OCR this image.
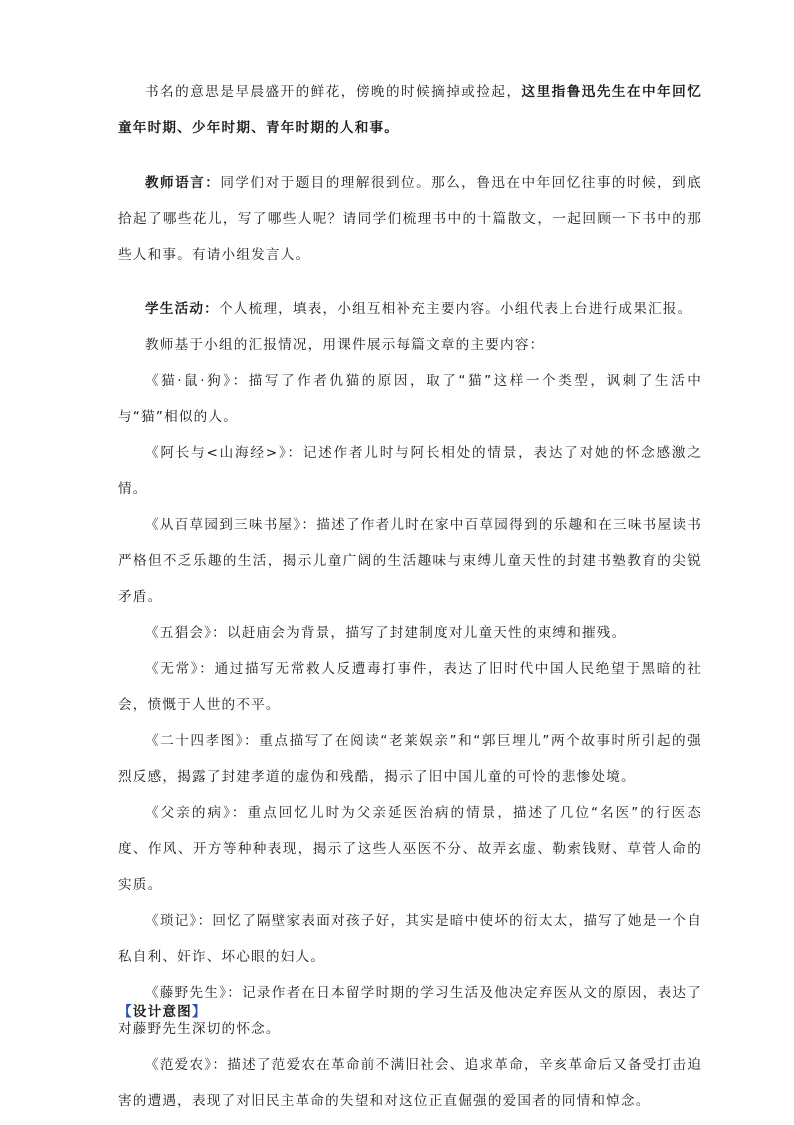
书名的意思是早晨盛开的鲜花，傍晚的时候摘掉或捡起，这里指鲁迅先生在中年回忆童年时期、少年时期、青年时期的人和事。

教师语言：同学们对于题目的理解很到位。那么，鲁迅在中年回忆往事的时候，到底拾起了哪些花儿，写了哪些人呢？请同学们梳理书中的十篇散文，一起回顾一下书中的那些人和事。有请小组发言人。

学生活动：个人梳理，填表，小组互相补充主要内容。小组代表上台进行成果汇报。

教师基于小组的汇报情况，用课件展示每篇文章的主要内容：

《猫·鼠·狗》：描写了作者仇猫的原因，取了“猫”这样一个类型，讽刺了生活中与“猫”相似的人。

《阿长与<山海经>》：记述作者儿时与阿长相处的情景，表达了对她的怀念感激之情。

《从百草园到三味书屋》：描述了作者儿时在家中百草园得到的乐趣和在三味书屋读书严格但不乏乐趣的生活，揭示儿童广阔的生活趣味与束缚儿童天性的封建书塾教育的尖锐矛盾。

《五猖会》：以赶庙会为背景，描写了封建制度对儿童天性的束缚和摧残。

《无常》：通过描写无常救人反遭毒打事件，表达了旧时代中国人民绝望于黑暗的社会，愤慨于人世的不平。

《二十四孝图》：重点描写了在阅读“老莱娱亲”和“郭巨埋儿”两个故事时所引起的强烈反感，揭露了封建孝道的虚伪和残酷，揭示了旧中国儿童的可怜的悲惨处境。

《父亲的病》：重点回忆儿时为父亲延医治病的情景，描述了几位“名医”的行医态度、作风、开方等种种表现，揭示了这些人巫医不分、故弄玄虚、勒索钱财、草菅人命的实质。

《琐记》：回忆了隔壁家表面对孩子好，其实是暗中使坏的衍太太，描写了她是一个自私自利、奸诈、坏心眼的妇人。

《藤野先生》：记录作者在日本留学时期的学习生活及他决定弃医从文的原因，表达了对藤野先生深切的怀念。

《范爱农》：描述了范爱农在革命前不满旧社会、追求革命，辛亥革命后又备受打击迫害的遭遇，表现了对旧民主革命的失望和对这位正直倔强的爱国者的同情和悼念。

【设计意图】
